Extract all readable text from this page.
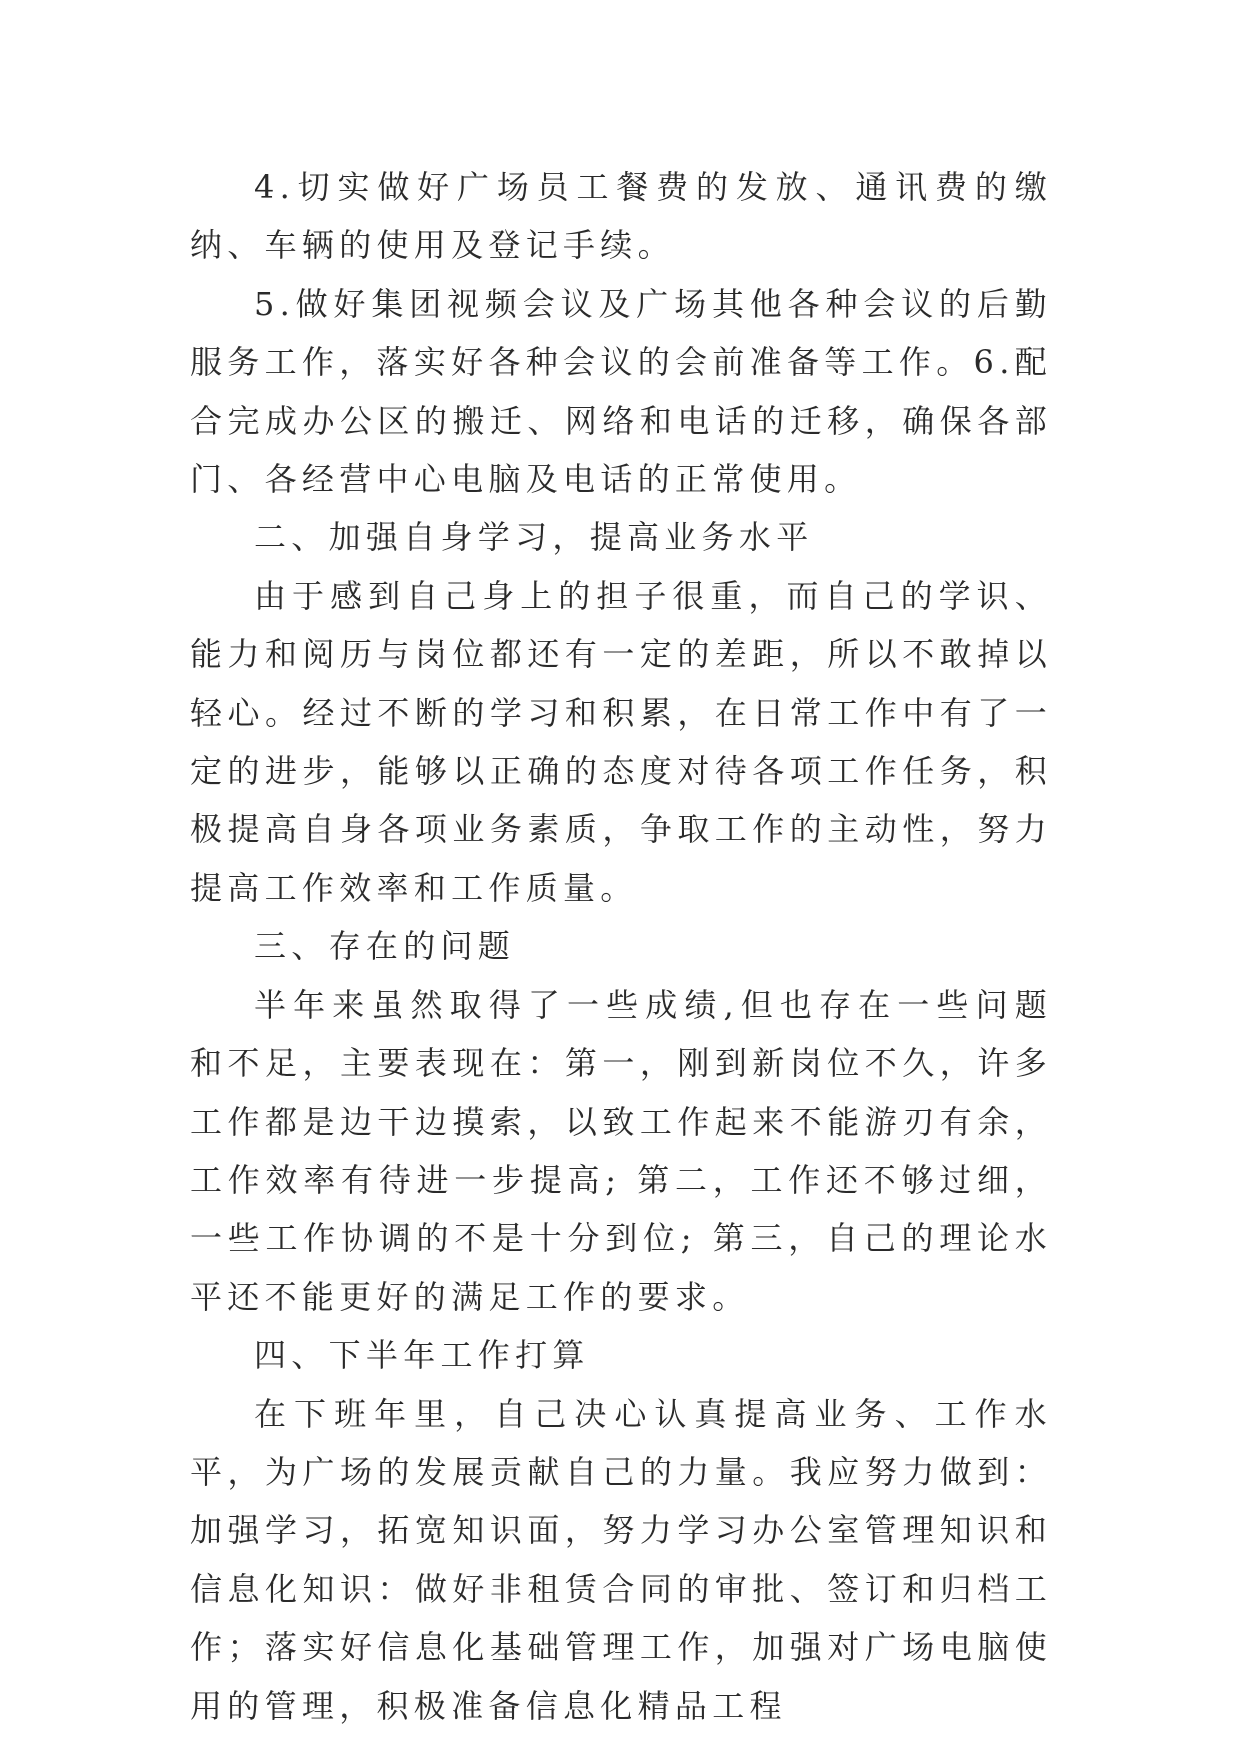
4.切实做好广场员工餐费的发放、通讯费的缴纳、车辆的使用及登记手续。

5.做好集团视频会议及广场其他各种会议的后勤服务工作，落实好各种会议的会前准备等工作。6.配合完成办公区的搬迁、网络和电话的迁移，确保各部门、各经营中心电脑及电话的正常使用。

二、加强自身学习，提高业务水平

由于感到自己身上的担子很重，而自己的学识、能力和阅历与岗位都还有一定的差距，所以不敢掉以轻心。经过不断的学习和积累，在日常工作中有了一定的进步，能够以正确的态度对待各项工作任务，积极提高自身各项业务素质，争取工作的主动性，努力提高工作效率和工作质量。

三、存在的问题

半年来虽然取得了一些成绩,但也存在一些问题和不足，主要表现在：第一，刚到新岗位不久，许多工作都是边干边摸索，以致工作起来不能游刃有余，工作效率有待进一步提高; 第二，工作还不够过细，一些工作协调的不是十分到位; 第三，自己的理论水平还不能更好的满足工作的要求。

四、下半年工作打算

在下班年里，自己决心认真提高业务、工作水平，为广场的发展贡献自己的力量。我应努力做到：加强学习，拓宽知识面，努力学习办公室管理知识和信息化知识：做好非租赁合同的审批、签订和归档工作；落实好信息化基础管理工作，加强对广场电脑使用的管理，积极准备信息化精品工程
